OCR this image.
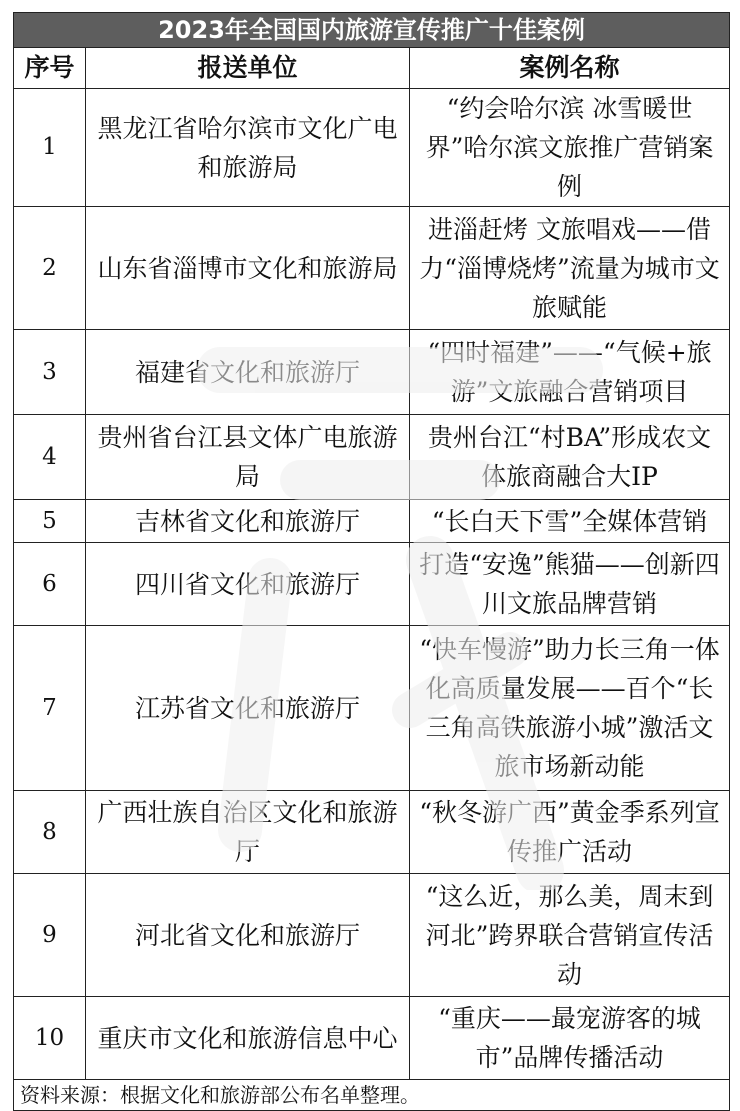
2023年全国国内旅游宣传推广十佳案例		
序号	报送单位	案例名称
1	黑龙江省哈尔滨市文化广电和旅游局	“约会哈尔滨 冰雪暖世界”哈尔滨文旅推广营销案例
2	山东省淄博市文化和旅游局	进淄赶烤 文旅唱戏——借力“淄博烧烤”流量为城市文旅赋能
3	福建省文化和旅游厅	“四时福建”——“气候+旅游”文旅融合营销项目
4	贵州省台江县文体广电旅游局	贵州台江“村BA”形成农文体旅商融合大IP
5	吉林省文化和旅游厅	“长白天下雪”全媒体营销
6	四川省文化和旅游厅	打造“安逸”熊猫——创新四川文旅品牌营销
7	江苏省文化和旅游厅	“快车慢游”助力长三角一体化高质量发展——百个“长三角高铁旅游小城”激活文旅市场新动能
8	广西壮族自治区文化和旅游厅	“秋冬游广西”黄金季系列宣传推广活动
9	河北省文化和旅游厅	“这么近，那么美，周末到河北”跨界联合营销宣传活动
10	重庆市文化和旅游信息中心	“重庆——最宠游客的城市”品牌传播活动
资料来源：根据文化和旅游部公布名单整理。		
